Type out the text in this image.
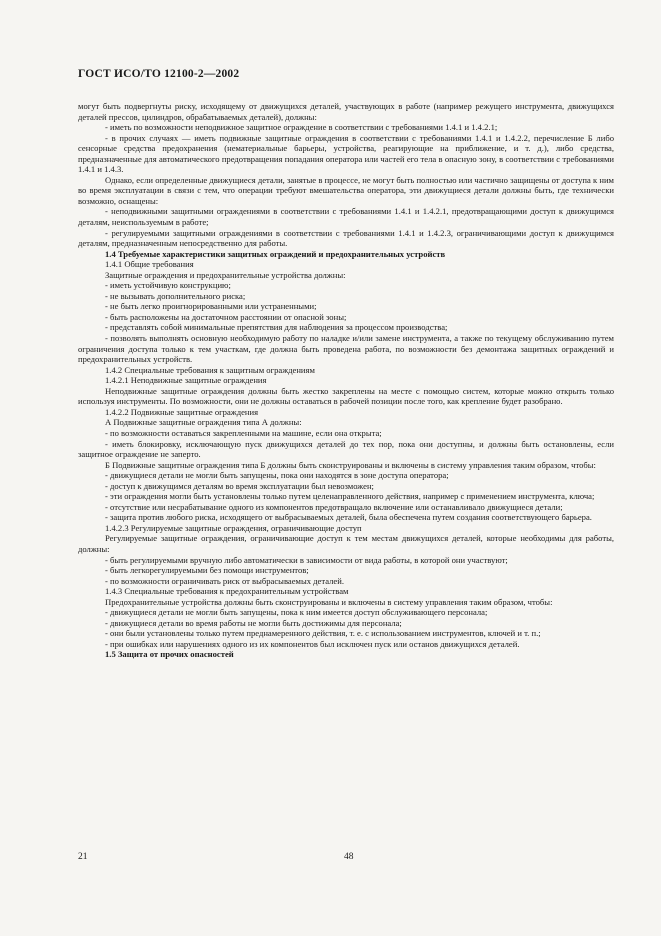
ГОСТ ИСО/ТО 12100-2—2002

могут быть подвергнуты риску, исходящему от движущихся деталей, участвующих в работе (например режущего инструмента, движущихся деталей прессов, цилиндров, обрабатываемых деталей), должны:

- иметь по возможности неподвижное защитное ограждение в соответствии с требованиями 1.4.1 и 1.4.2.1;

- в прочих случаях — иметь подвижные защитные ограждения в соответствии с требованиями 1.4.1 и 1.4.2.2, перечисление Б либо сенсорные средства предохранения (нематериальные барьеры, устройства, реагирующие на приближение, и т. д.), либо средства, предназначенные для автоматического предотвращения попадания оператора или частей его тела в опасную зону, в соответствии с требованиями 1.4.1 и 1.4.3.

Однако, если определенные движущиеся детали, занятые в процессе, не могут быть полностью или частично защищены от доступа к ним во время эксплуатации в связи с тем, что операции требуют вмешательства оператора, эти движущиеся детали должны быть, где технически возможно, оснащены:

- неподвижными защитными ограждениями в соответствии с требованиями 1.4.1 и 1.4.2.1, предотвращающими доступ к движущимся деталям, неиспользуемым в работе;

- регулируемыми защитными ограждениями в соответствии с требованиями 1.4.1 и 1.4.2.3, ограничивающими доступ к движущимся деталям, предназначенным непосредственно для работы.

1.4 Требуемые характеристики защитных ограждений и предохранительных устройств

1.4.1 Общие требования

Защитные ограждения и предохранительные устройства должны:

- иметь устойчивую конструкцию;

- не вызывать дополнительного риска;

- не быть легко проигнорированными или устраненными;

- быть расположены на достаточном расстоянии от опасной зоны;

- представлять собой минимальные препятствия для наблюдения за процессом производства;

- позволять выполнять основную необходимую работу по наладке и/или замене инструмента, а также по текущему обслуживанию путем ограничения доступа только к тем участкам, где должна быть проведена работа, по возможности без демонтажа защитных ограждений и предохранительных устройств.

1.4.2 Специальные требования к защитным ограждениям

1.4.2.1 Неподвижные защитные ограждения

Неподвижные защитные ограждения должны быть жестко закреплены на месте с помощью систем, которые можно открыть только используя инструменты. По возможности, они не должны оставаться в рабочей позиции после того, как крепление будет разобрано.

1.4.2.2 Подвижные защитные ограждения

А Подвижные защитные ограждения типа А должны:

- по возможности оставаться закрепленными на машине, если она открыта;

- иметь блокировку, исключающую пуск движущихся деталей до тех пор, пока они доступны, и должны быть остановлены, если защитное ограждение не заперто.

Б Подвижные защитные ограждения типа Б должны быть сконструированы и включены в систему управления таким образом, чтобы:

- движущиеся детали не могли быть запущены, пока они находятся в зоне доступа оператора;

- доступ к движущимся деталям во время эксплуатации был невозможен;

- эти ограждения могли быть установлены только путем целенаправленного действия, например с применением инструмента, ключа;

- отсутствие или несрабатывание одного из компонентов предотвращало включение или останавливало движущиеся детали;

- защита против любого риска, исходящего от выбрасываемых деталей, была обеспечена путем создания соответствующего барьера.

1.4.2.3 Регулируемые защитные ограждения, ограничивающие доступ

Регулируемые защитные ограждения, ограничивающие доступ к тем местам движущихся деталей, которые необходимы для работы, должны:

- быть регулируемыми вручную либо автоматически в зависимости от вида работы, в которой они участвуют;

- быть легкорегулируемыми без помощи инструментов;

- по возможности ограничивать риск от выбрасываемых деталей.

1.4.3 Специальные требования к предохранительным устройствам

Предохранительные устройства должны быть сконструированы и включены в систему управления таким образом, чтобы:

- движущиеся детали не могли быть запущены, пока к ним имеется доступ обслуживающего персонала;

- движущиеся детали во время работы не могли быть достижимы для персонала;

- они были установлены только путем преднамеренного действия, т. е. с использованием инструментов, ключей и т. п.;

- при ошибках или нарушениях одного из их компонентов был исключен пуск или останов движущихся деталей.

1.5 Защита от прочих опасностей

21	48
